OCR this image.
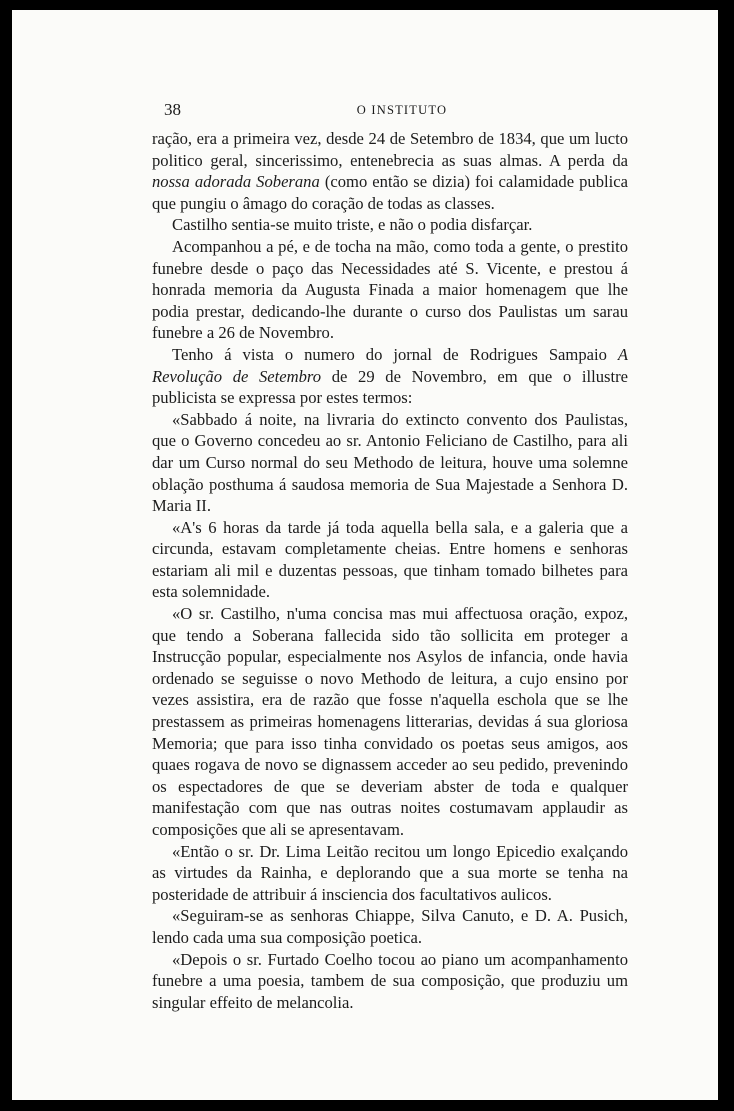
38	O INSTITUTO

ração, era a primeira vez, desde 24 de Setembro de 1834, que um lucto politico geral, sincerissimo, entenebrecia as suas almas. A perda da nossa adorada Soberana (como então se dizia) foi calamidade publica que pungiu o âmago do coração de todas as classes.

Castilho sentia-se muito triste, e não o podia disfarçar.

Acompanhou a pé, e de tocha na mão, como toda a gente, o prestito funebre desde o paço das Necessidades até S. Vicente, e prestou á honrada memoria da Augusta Finada a maior homenagem que lhe podia prestar, dedicando-lhe durante o curso dos Paulistas um sarau funebre a 26 de Novembro.

Tenho á vista o numero do jornal de Rodrigues Sampaio A Revolução de Setembro de 29 de Novembro, em que o illustre publicista se expressa por estes termos:

«Sabbado á noite, na livraria do extincto convento dos Paulistas, que o Governo concedeu ao sr. Antonio Feliciano de Castilho, para ali dar um Curso normal do seu Methodo de leitura, houve uma solemne oblação posthuma á saudosa memoria de Sua Majestade a Senhora D. Maria II.

«A's 6 horas da tarde já toda aquella bella sala, e a galeria que a circunda, estavam completamente cheias. Entre homens e senhoras estariam ali mil e duzentas pessoas, que tinham tomado bilhetes para esta solemnidade.

«O sr. Castilho, n'uma concisa mas mui affectuosa oração, expoz, que tendo a Soberana fallecida sido tão sollicita em proteger a Instrucção popular, especialmente nos Asylos de infancia, onde havia ordenado se seguisse o novo Methodo de leitura, a cujo ensino por vezes assistira, era de razão que fosse n'aquella eschola que se lhe prestassem as primeiras homenagens litterarias, devidas á sua gloriosa Memoria; que para isso tinha convidado os poetas seus amigos, aos quaes rogava de novo se dignassem acceder ao seu pedido, prevenindo os espectadores de que se deveriam abster de toda e qualquer manifestação com que nas outras noites costumavam applaudir as composições que ali se apresentavam.

«Então o sr. Dr. Lima Leitão recitou um longo Epicedio exalçando as virtudes da Rainha, e deplorando que a sua morte se tenha na posteridade de attribuir á insciencia dos facultativos aulicos.

«Seguiram-se as senhoras Chiappe, Silva Canuto, e D. A. Pusich, lendo cada uma sua composição poetica.

«Depois o sr. Furtado Coelho tocou ao piano um acompanhamento funebre a uma poesia, tambem de sua composição, que produziu um singular effeito de melancolia.
